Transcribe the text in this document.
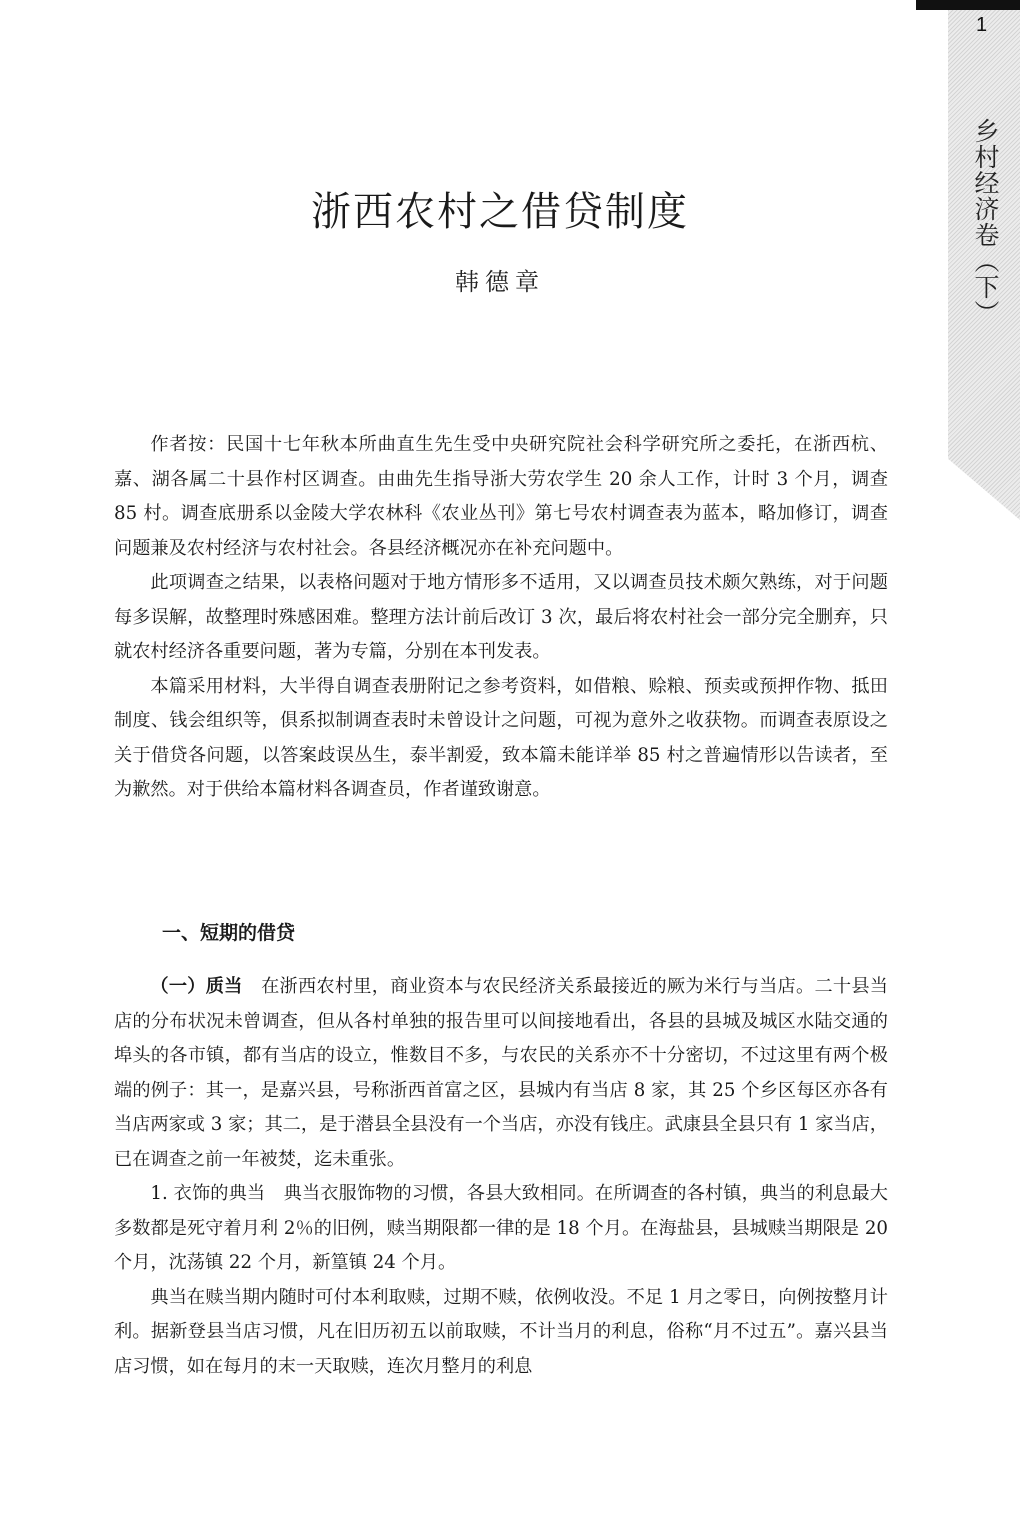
1
乡村经济卷（下）
浙西农村之借贷制度
韩德章

作者按：民国十七年秋本所曲直生先生受中央研究院社会科学研究所之委托，在浙西杭、嘉、湖各属二十县作村区调查。由曲先生指导浙大劳农学生 20 余人工作，计时 3 个月，调查 85 村。调查底册系以金陵大学农林科《农业丛刊》第七号农村调查表为蓝本，略加修订，调查问题兼及农村经济与农村社会。各县经济概况亦在补充问题中。

此项调查之结果，以表格问题对于地方情形多不适用，又以调查员技术颇欠熟练，对于问题每多误解，故整理时殊感困难。整理方法计前后改订 3 次，最后将农村社会一部分完全删弃，只就农村经济各重要问题，著为专篇，分别在本刊发表。

本篇采用材料，大半得自调查表册附记之参考资料，如借粮、赊粮、预卖或预押作物、抵田制度、钱会组织等，俱系拟制调查表时未曾设计之问题，可视为意外之收获物。而调查表原设之关于借贷各问题，以答案歧误丛生，泰半割爱，致本篇未能详举 85 村之普遍情形以告读者，至为歉然。对于供给本篇材料各调查员，作者谨致谢意。

一、短期的借贷

（一）质当 在浙西农村里，商业资本与农民经济关系最接近的厥为米行与当店。二十县当店的分布状况未曾调查，但从各村单独的报告里可以间接地看出，各县的县城及城区水陆交通的埠头的各市镇，都有当店的设立，惟数目不多，与农民的关系亦不十分密切，不过这里有两个极端的例子：其一，是嘉兴县，号称浙西首富之区，县城内有当店 8 家，其 25 个乡区每区亦各有当店两家或 3 家；其二，是于潜县全县没有一个当店，亦没有钱庄。武康县全县只有 1 家当店，已在调查之前一年被焚，迄未重张。

1. 衣饰的典当 典当衣服饰物的习惯，各县大致相同。在所调查的各村镇，典当的利息最大多数都是死守着月利 2％的旧例，赎当期限都一律的是 18 个月。在海盐县，县城赎当期限是 20 个月，沈荡镇 22 个月，新篁镇 24 个月。

典当在赎当期内随时可付本利取赎，过期不赎，依例收没。不足 1 月之零日，向例按整月计利。据新登县当店习惯，凡在旧历初五以前取赎，不计当月的利息，俗称“月不过五”。嘉兴县当店习惯，如在每月的末一天取赎，连次月整月的利息
